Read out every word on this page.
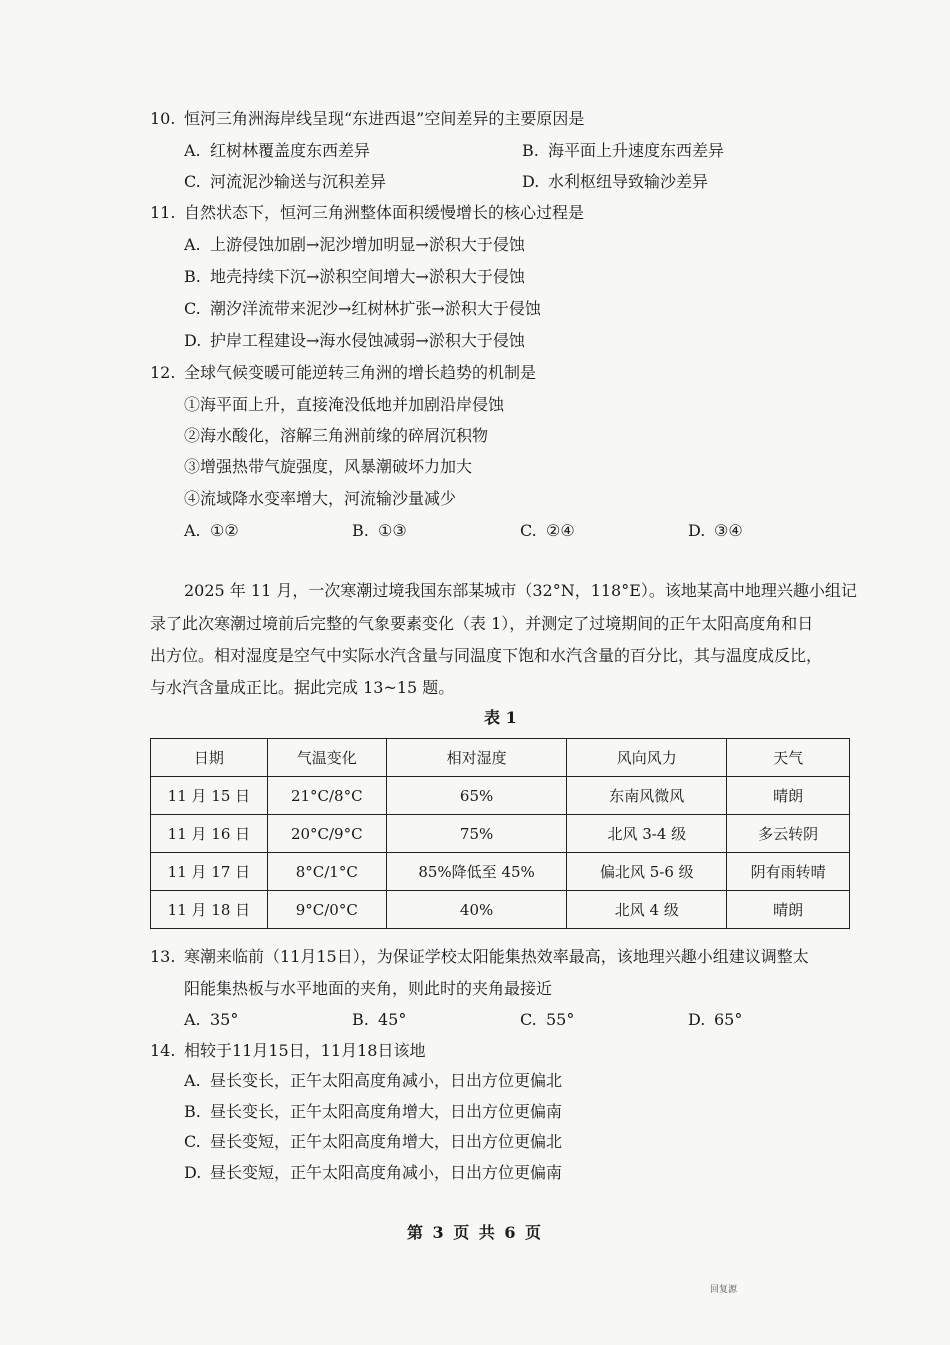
10. 恒河三角洲海岸线呈现“东进西退”空间差异的主要原因是
A. 红树林覆盖度东西差异	B. 海平面上升速度东西差异
C. 河流泥沙输送与沉积差异	D. 水利枢纽导致输沙差异
11. 自然状态下，恒河三角洲整体面积缓慢增长的核心过程是
A. 上游侵蚀加剧→泥沙增加明显→淤积大于侵蚀
B. 地壳持续下沉→淤积空间增大→淤积大于侵蚀
C. 潮汐洋流带来泥沙→红树林扩张→淤积大于侵蚀
D. 护岸工程建设→海水侵蚀减弱→淤积大于侵蚀
12. 全球气候变暖可能逆转三角洲的增长趋势的机制是
①海平面上升，直接淹没低地并加剧沿岸侵蚀
②海水酸化，溶解三角洲前缘的碎屑沉积物
③增强热带气旋强度，风暴潮破坏力加大
④流域降水变率增大，河流输沙量减少
A. ①②	B. ①③	C. ②④	D. ③④
2025 年 11 月，一次寒潮过境我国东部某城市（32°N，118°E）。该地某高中地理兴趣小组记
录了此次寒潮过境前后完整的气象要素变化（表 1），并测定了过境期间的正午太阳高度角和日
出方位。相对湿度是空气中实际水汽含量与同温度下饱和水汽含量的百分比，其与温度成反比，
与水汽含量成正比。据此完成 13~15 题。
表 1
日期	气温变化	相对湿度	风向风力	天气
11 月 15 日	21°C/8°C	65%	东南风微风	晴朗
11 月 16 日	20°C/9°C	75%	北风 3-4 级	多云转阴
11 月 17 日	8°C/1°C	85%降低至 45%	偏北风 5-6 级	阴有雨转晴
11 月 18 日	9°C/0°C	40%	北风 4 级	晴朗
13. 寒潮来临前（11月15日），为保证学校太阳能集热效率最高，该地理兴趣小组建议调整太
阳能集热板与水平地面的夹角，则此时的夹角最接近
A. 35°	B. 45°	C. 55°	D. 65°
14. 相较于11月15日，11月18日该地
A. 昼长变长，正午太阳高度角减小，日出方位更偏北
B. 昼长变长，正午太阳高度角增大，日出方位更偏南
C. 昼长变短，正午太阳高度角增大，日出方位更偏北
D. 昼长变短，正午太阳高度角减小，日出方位更偏南
第 3 页 共 6 页
回复源
